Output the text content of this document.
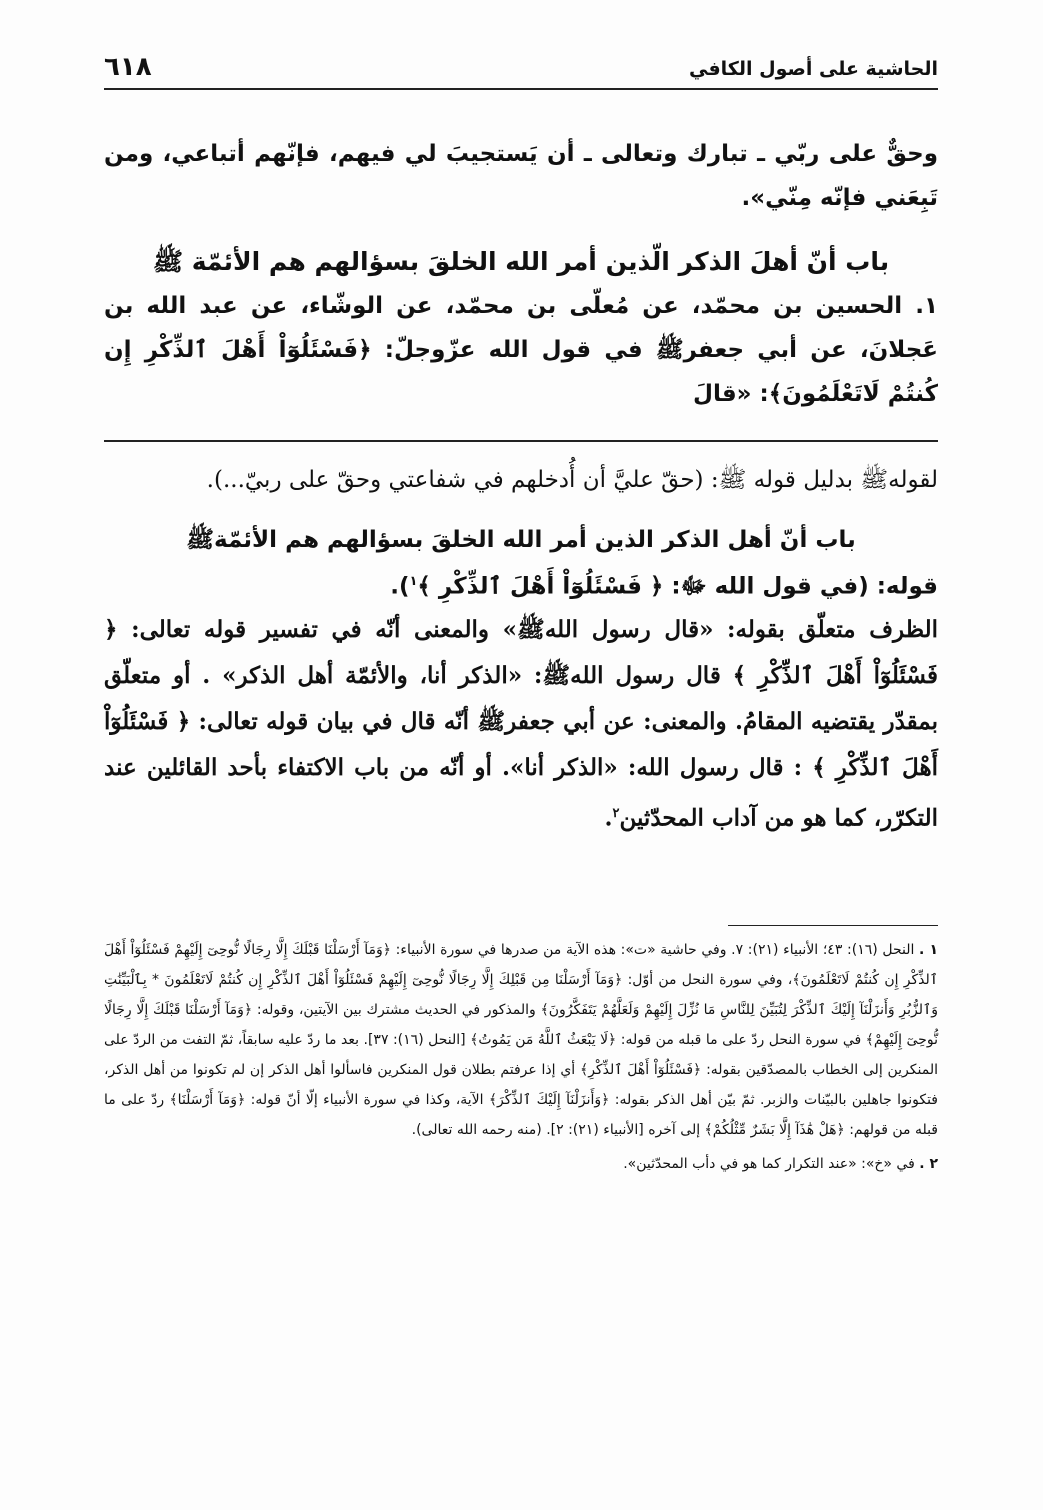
الحاشية على أصول الكافي
٦١٨

وحقٌّ على ربّي ـ تبارك وتعالى ـ أن يَستجيبَ لي فيهم، فإنّهم أتباعي، ومن تَبِعَني فإنّه مِنّي».

باب أنّ أهلَ الذكر الّذين أمر الله الخلقَ بسؤالهم هم الأئمّة ﷺ

١. الحسين بن محمّد، عن مُعلّى بن محمّد، عن الوشّاء، عن عبد الله بن عَجلانَ، عن أبي جعفرﷺ في قول الله عزّوجلّ: ﴿فَسْئَلُوٓاْ أَهْلَ ٱلذِّكْرِ إِن كُنتُمْ لَاتَعْلَمُونَ﴾: «قالَ

لقولهﷺ بدليل قوله ﷺ: (حقّ عليَّ أن أُدخلهم في شفاعتي وحقّ على ربيّ...).

باب أنّ أهل الذكر الذين أمر الله الخلقَ بسؤالهم هم الأئمّةﷺ

قوله: (في قول الله ﷻ: ﴿ فَسْئَلُوٓاْ أَهْلَ ٱلذِّكْرِ ﴾$^١$).

الظرف متعلّق بقوله: «قال رسول اللهﷺ» والمعنى أنّه في تفسير قوله تعالى: ﴿ فَسْئَلُوٓاْ أَهْلَ ٱلذِّكْرِ ﴾ قال رسول اللهﷺ: «الذكر أنا، والأئمّة أهل الذكر» . أو متعلّق بمقدّر يقتضيه المقامُ. والمعنى: عن أبي جعفرﷺ أنّه قال في بيان قوله تعالى: ﴿ فَسْئَلُوٓاْ أَهْلَ ٱلذِّكْرِ ﴾ : قال رسول الله: «الذكر أنا». أو أنّه من باب الاكتفاء بأحد القائلين عند التكرّر، كما هو من آداب المحدّثين$^٢$.

١ . النحل (١٦): ٤٣؛ الأنبياء (٢١): ٧. وفي حاشية «ت»: هذه الآية من صدرها في سورة الأنبياء: ﴿وَمَآ أَرْسَلْنَا قَبْلَكَ إِلَّا رِجَالًا نُّوحِىٓ إِلَيْهِمْ فَسْئَلُوٓاْ أَهْلَ ٱلذِّكْرِ إِن كُنتُمْ لَاتَعْلَمُونَ﴾، وفي سورة النحل من أوّل: ﴿وَمَآ أَرْسَلْنَا مِن قَبْلِكَ إِلَّا رِجَالًا نُّوحِىٓ إِلَيْهِمْ فَسْئَلُوٓاْ أَهْلَ ٱلذِّكْرِ إِن كُنتُمْ لَاتَعْلَمُونَ * بِٱلْبَيِّنَٰتِ وَٱلزُّبُرِ وَأَنزَلْنَآ إِلَيْكَ ٱلذِّكْرَ لِتُبَيِّنَ لِلنَّاسِ مَا نُزِّلَ إِلَيْهِمْ وَلَعَلَّهُمْ يَتَفَكَّرُونَ﴾ والمذكور في الحديث مشترك بين الآيتين، وقوله: ﴿وَمَآ أَرْسَلْنَا قَبْلَكَ إِلَّا رِجَالًا نُّوحِىٓ إِلَيْهِمْ﴾ في سورة النحل ردّ على ما قبله من قوله: ﴿لَا يَبْعَثُ ٱللَّهُ مَن يَمُوتُ﴾ [النحل (١٦): ٣٧]. بعد ما ردّ عليه سابقاً، ثمّ التفت من الردّ على المنكرين إلى الخطاب بالمصدّقين بقوله: ﴿فَسْئَلُوٓاْ أَهْلَ ٱلذِّكْرِ﴾ أي إذا عرفتم بطلان قول المنكرين فاسألوا أهل الذكر إن لم تكونوا من أهل الذكر، فتكونوا جاهلين بالبيّنات والزبر. ثمّ بيّن أهل الذكر بقوله: ﴿وَأَنزَلْنَآ إِلَيْكَ ٱلذِّكْرَ﴾ الآية، وكذا في سورة الأنبياء إلّا أنّ قوله: ﴿وَمَآ أَرْسَلْنَا﴾ ردّ على ما قبله من قولهم: ﴿هَلْ هَٰذَآ إِلَّا بَشَرٌ مِّثْلُكُمْ﴾ إلى آخره [الأنبياء (٢١): ٢]. (منه رحمه الله تعالى).

٢ . في «خ»: «عند التكرار كما هو في دأب المحدّثين».
